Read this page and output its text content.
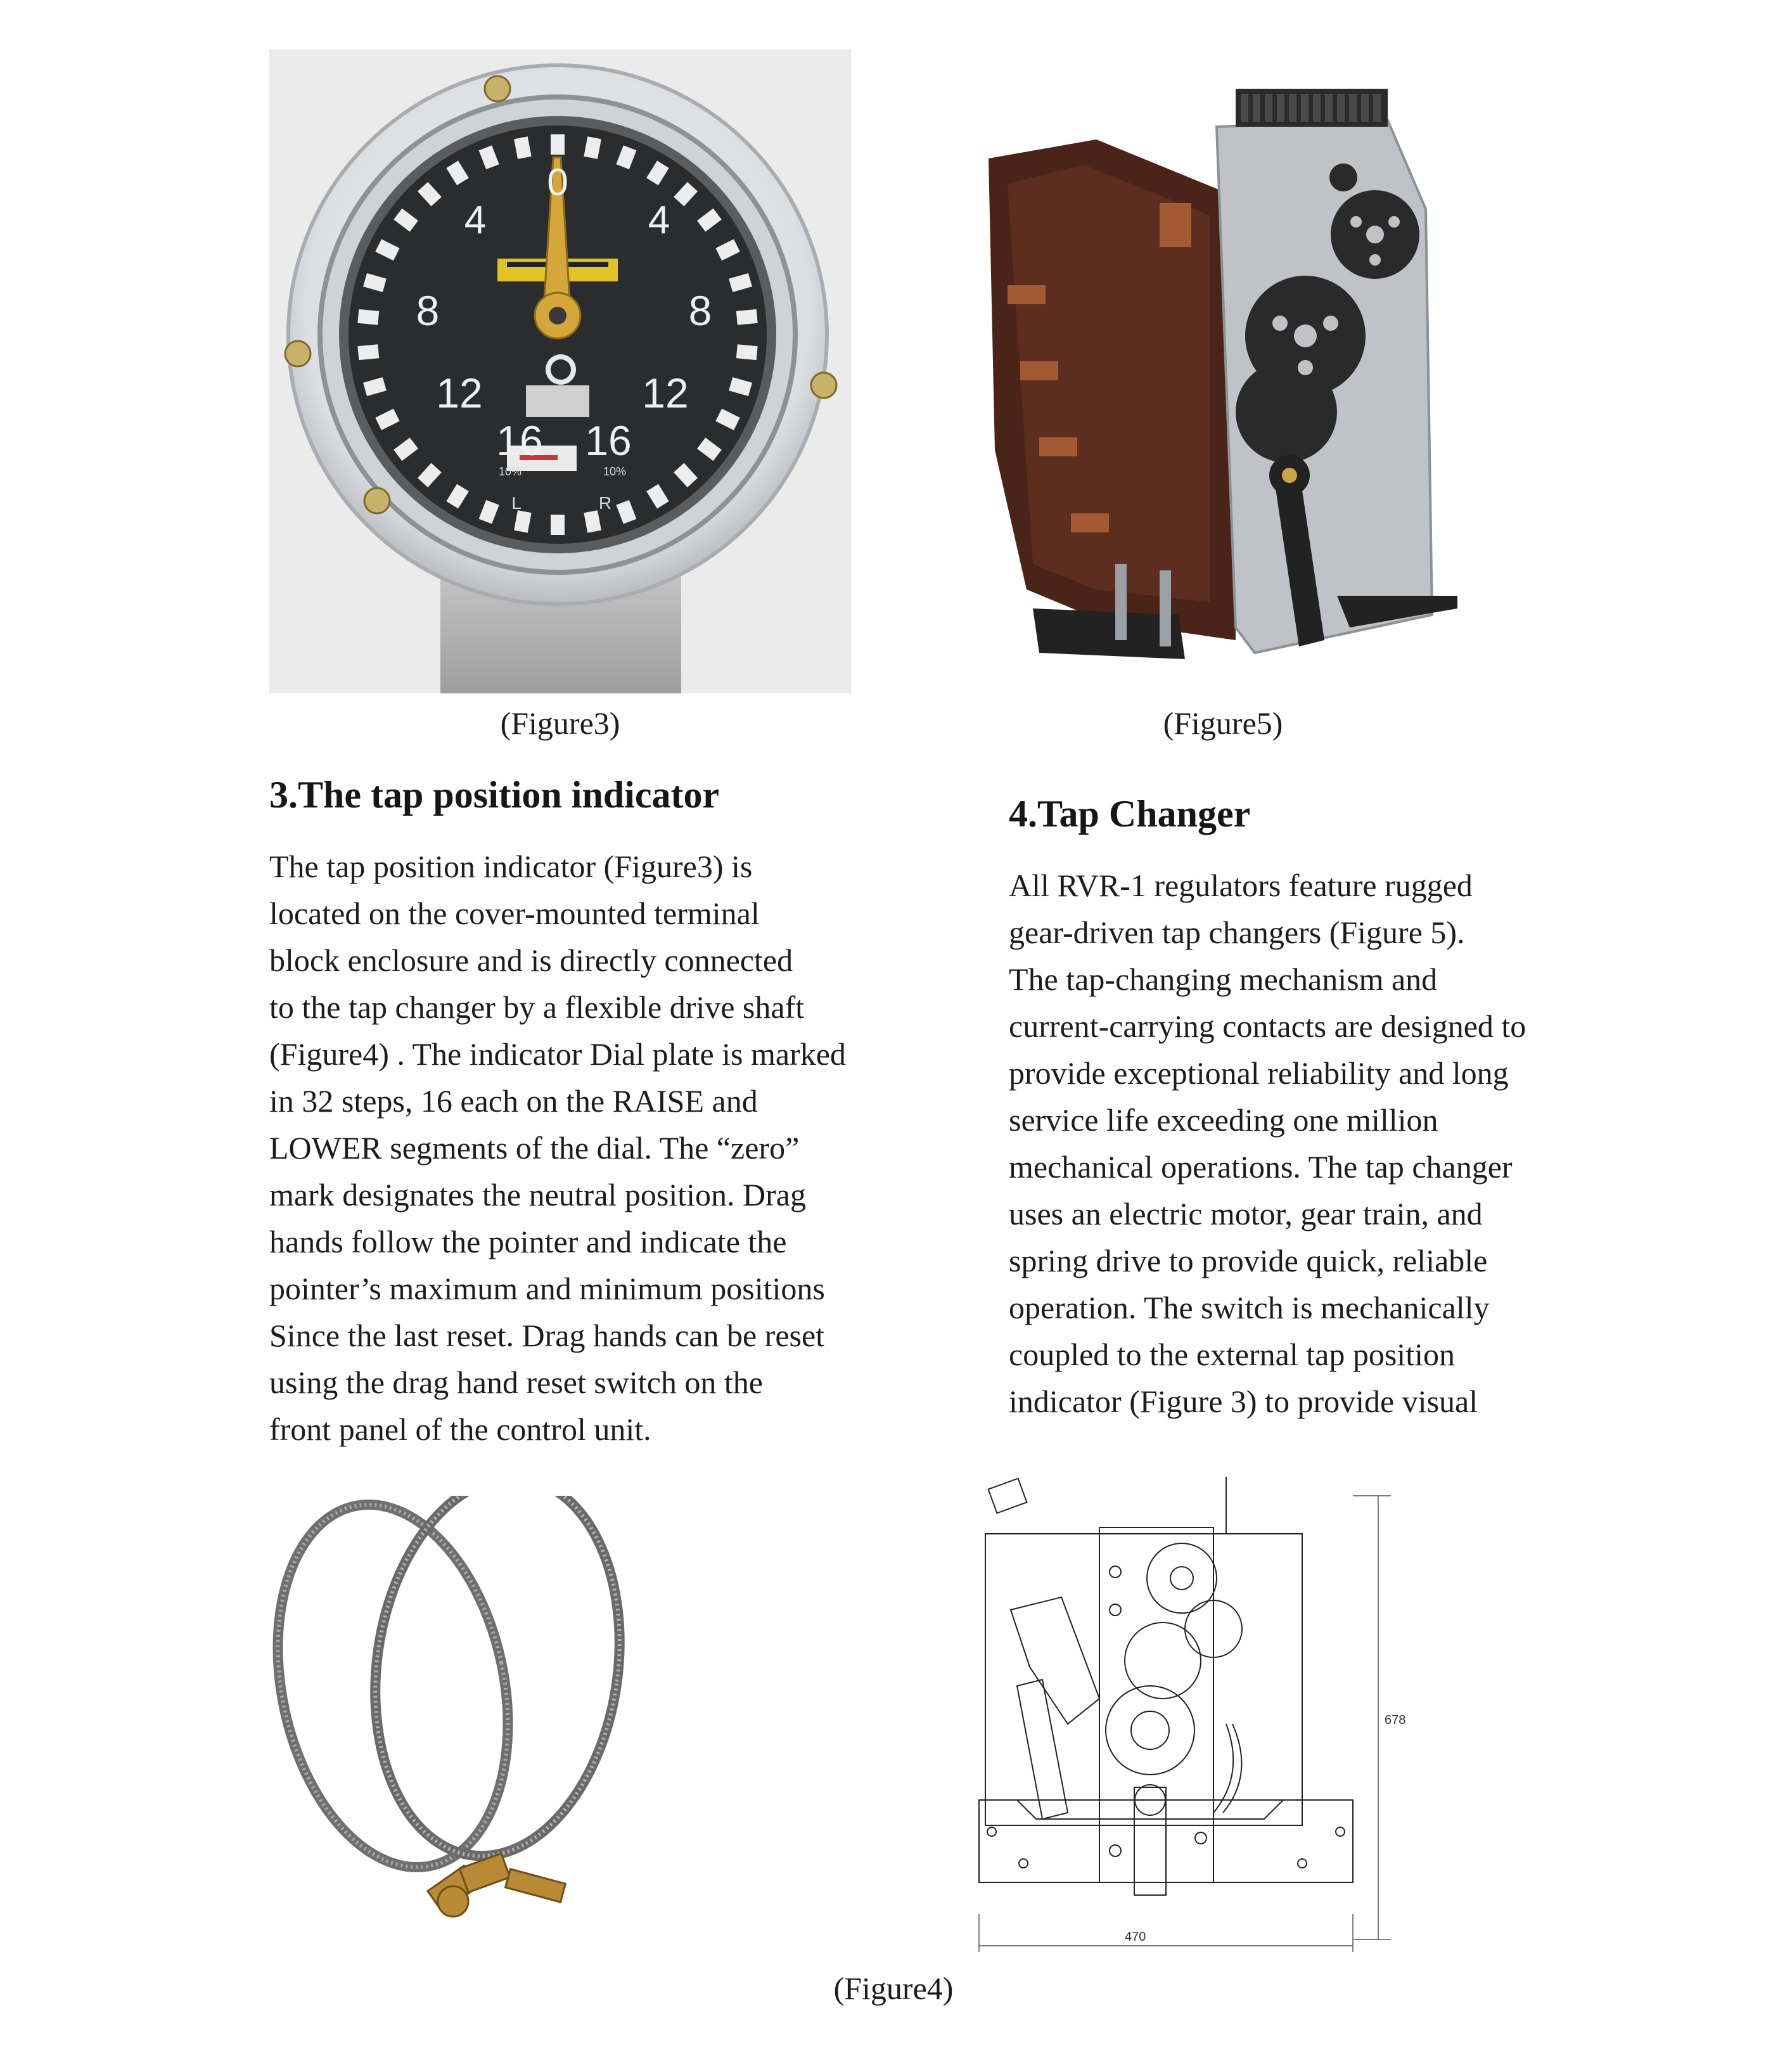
0
4	4
8	8
12	12
16 16
10%	10%
L	R
(Figure3)	(Figure5)
3.The tap position indicator
The tap position indicator (Figure3) is
located on the cover-mounted terminal
block enclosure and is directly connected
to the tap changer by a flexible drive shaft
(Figure4) . The indicator Dial plate is marked
in 32 steps, 16 each on the RAISE and
LOWER segments of the dial. The “zero”
mark designates the neutral position. Drag
hands follow the pointer and indicate the
pointer’s maximum and minimum positions
Since the last reset. Drag hands can be reset
using the drag hand reset switch on the
front panel of the control unit.
4.Tap Changer
All RVR-1 regulators feature rugged
gear-driven tap changers (Figure 5).
The tap-changing mechanism and
current-carrying contacts are designed to
provide exceptional reliability and long
service life exceeding one million
mechanical operations. The tap changer
uses an electric motor, gear train, and
spring drive to provide quick, reliable
operation. The switch is mechanically
coupled to the external tap position
indicator (Figure 3) to provide visual
678
470
(Figure4)
